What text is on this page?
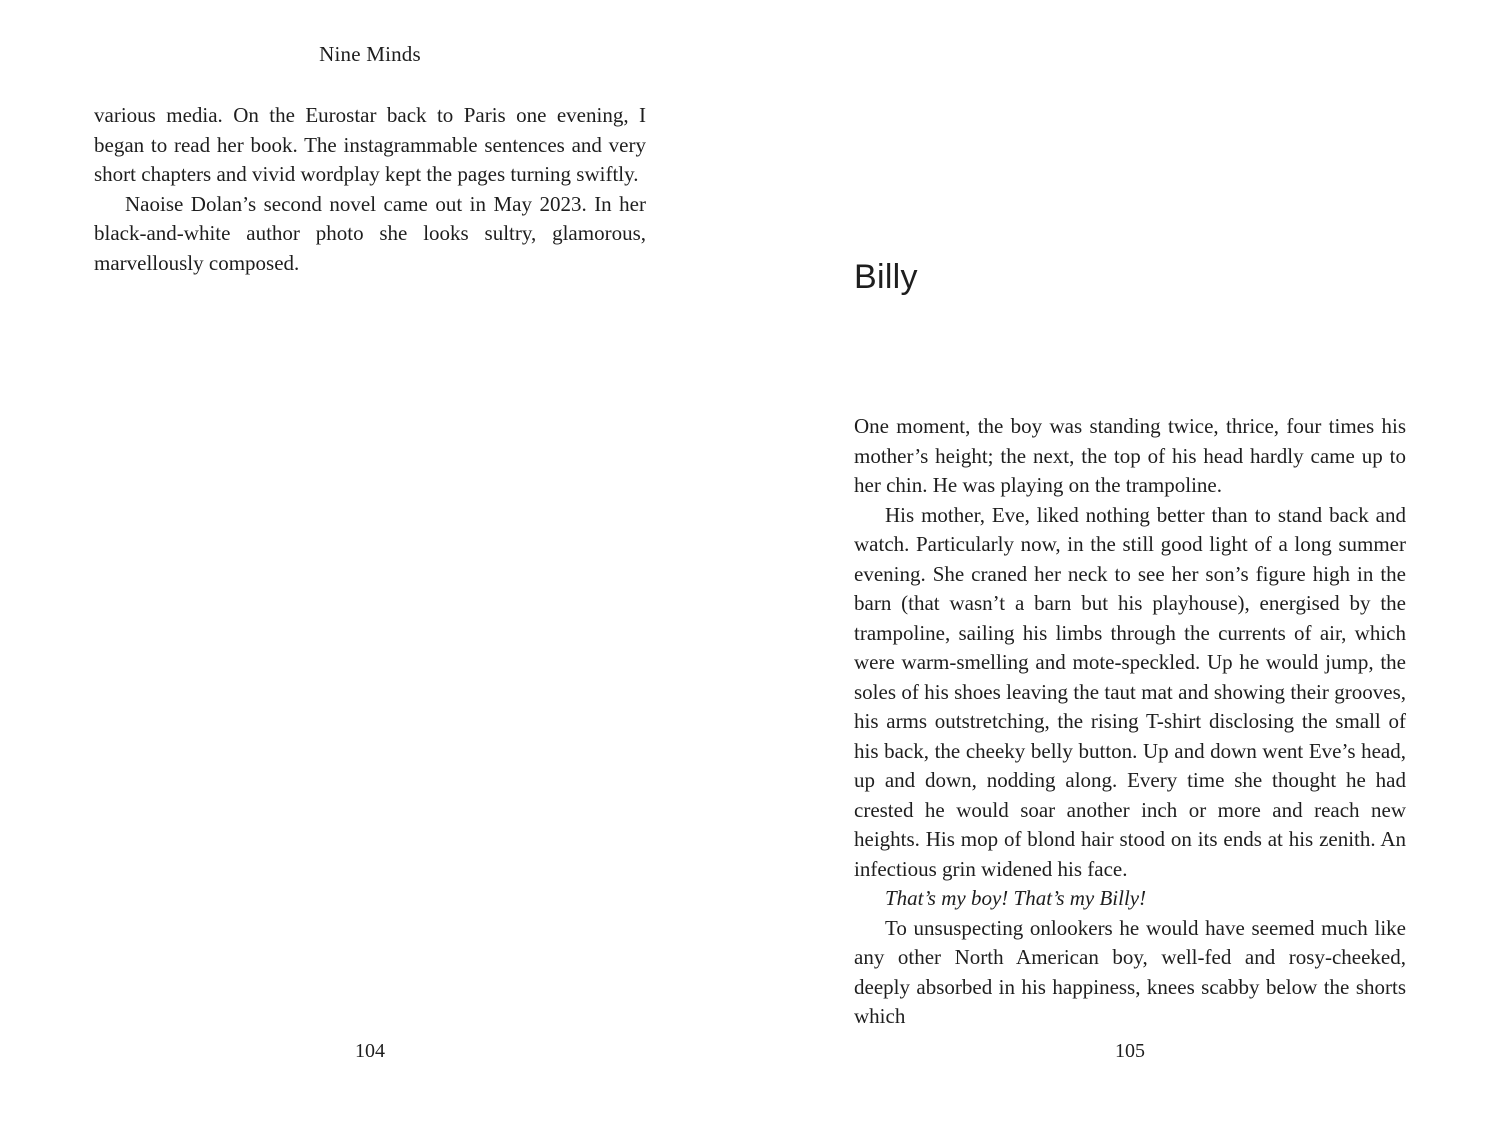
Nine Minds

various media. On the Eurostar back to Paris one evening, I began to read her book. The instagrammable sentences and very short chapters and vivid wordplay kept the pages turning swiftly.

Naoise Dolan’s second novel came out in May 2023. In her black-and-white author photo she looks sultry, glamorous, marvellously composed.

104
Billy

One moment, the boy was standing twice, thrice, four times his mother’s height; the next, the top of his head hardly came up to her chin. He was playing on the trampoline.

His mother, Eve, liked nothing better than to stand back and watch. Particularly now, in the still good light of a long summer evening. She craned her neck to see her son’s figure high in the barn (that wasn’t a barn but his playhouse), energised by the trampoline, sailing his limbs through the currents of air, which were warm-smelling and mote-speckled. Up he would jump, the soles of his shoes leaving the taut mat and showing their grooves, his arms outstretching, the rising T-shirt disclosing the small of his back, the cheeky belly button. Up and down went Eve’s head, up and down, nodding along. Every time she thought he had crested he would soar another inch or more and reach new heights. His mop of blond hair stood on its ends at his zenith. An infectious grin widened his face.

That’s my boy! That’s my Billy!

To unsuspecting onlookers he would have seemed much like any other North American boy, well-fed and rosy-cheeked, deeply absorbed in his happiness, knees scabby below the shorts which

105
